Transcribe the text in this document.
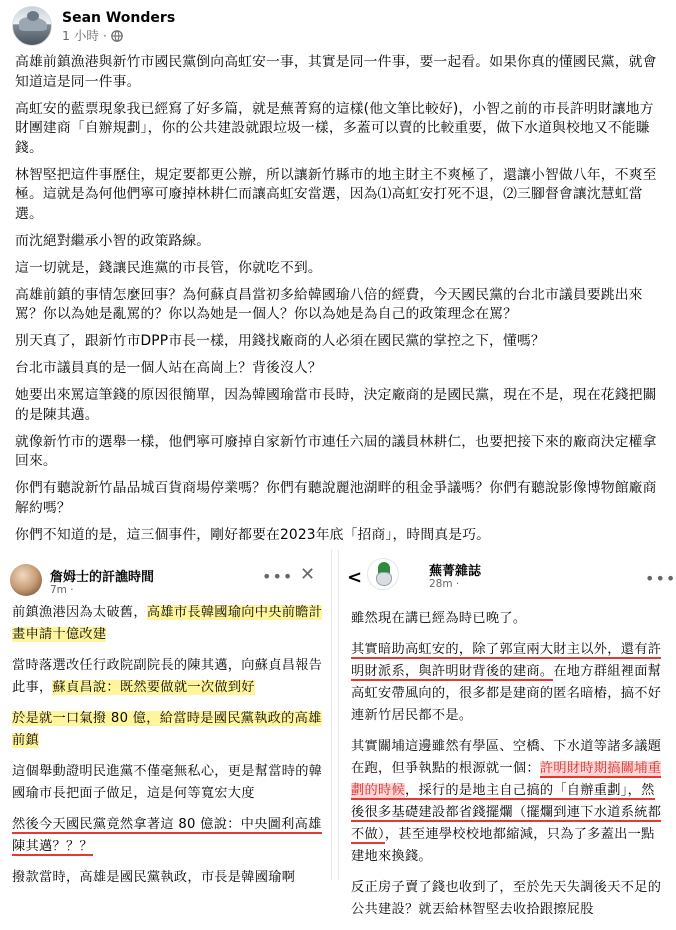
Sean Wonders
1 小時 ·

高雄前鎮漁港與新竹市國民黨倒向高虹安一事，其實是同一件事，要一起看。如果你真的懂國民黨，就會知道這是同一件事。

高虹安的藍票現象我已經寫了好多篇，就是蕪菁寫的這樣(他文筆比較好)，小智之前的市長許明財讓地方財團建商「自辦規劃」，你的公共建設就跟垃圾一樣，多蓋可以賣的比較重要，做下水道與校地又不能賺錢。

林智堅把這件事歷住，規定要都更公辦，所以讓新竹縣市的地主財主不爽極了，還讓小智做八年，不爽至極。這就是為何他們寧可廢掉林耕仁而讓高虹安當選，因為⑴高虹安打死不退，⑵三腳督會讓沈慧虹當選。

而沈絕對繼承小智的政策路線。

這一切就是，錢讓民進黨的市長管，你就吃不到。

高雄前鎮的事情怎麼回事？為何蘇貞昌當初多給韓國瑜八倍的經費，今天國民黨的台北市議員要跳出來罵？你以為她是亂罵的？你以為她是一個人？你以為她是為自己的政策理念在罵？

別天真了，跟新竹市DPP市長一樣，用錢找廠商的人必須在國民黨的掌控之下，懂嗎？

台北市議員真的是一個人站在高崗上？背後沒人？

她要出來罵這筆錢的原因很簡單，因為韓國瑜當市長時，決定廠商的是國民黨，現在不是，現在花錢把關的是陳其邁。

就像新竹市的選舉一樣，他們寧可廢掉自家新竹市連任六屆的議員林耕仁，也要把接下來的廠商決定權拿回來。

你們有聽說新竹晶品城百貨商場停業嗎？你們有聽說麗池湖畔的租金爭議嗎？你們有聽說影像博物館廠商解約嗎？

你們不知道的是，這三個事件，剛好都要在2023年底「招商」，時間真是巧。

詹姆士的訐譙時間
7m ·
••• ✕

前鎮漁港因為太破舊，高雄市長韓國瑜向中央前瞻計畫申請十億改建

當時落選改任行政院副院長的陳其邁，向蘇貞昌報告此事，蘇貞昌說：既然要做就一次做到好

於是就一口氣撥 80 億，給當時是國民黨執政的高雄前鎮

這個舉動證明民進黨不僅毫無私心，更是幫當時的韓國瑜市長把面子做足，這是何等寬宏大度

然後今天國民黨竟然拿著這 80 億說：中央圖利高雄陳其邁？？？

撥款當時，高雄是國民黨執政，市長是韓國瑜啊

<	蕪菁雜誌
28m ·	•••

雖然現在講已經為時已晚了。

其實暗助高虹安的，除了郭宣兩大財主以外，還有許明財派系，與許明財背後的建商。在地方群組裡面幫高虹安帶風向的，很多都是建商的匿名暗樁，搞不好連新竹居民都不是。

其實關埔這邊雖然有學區、空橋、下水道等諸多議題在跑，但爭執點的根源就一個：許明財時期搞關埔重劃的時候，採行的是地主自己搞的「自辦重劃」，然後很多基礎建設都省錢擺爛（擺爛到連下水道系統都不做），甚至連學校校地都縮減，只為了多蓋出一點建地來換錢。

反正房子賣了錢也收到了，至於先天失調後天不足的公共建設？就丟給林智堅去收拾跟擦屁股
